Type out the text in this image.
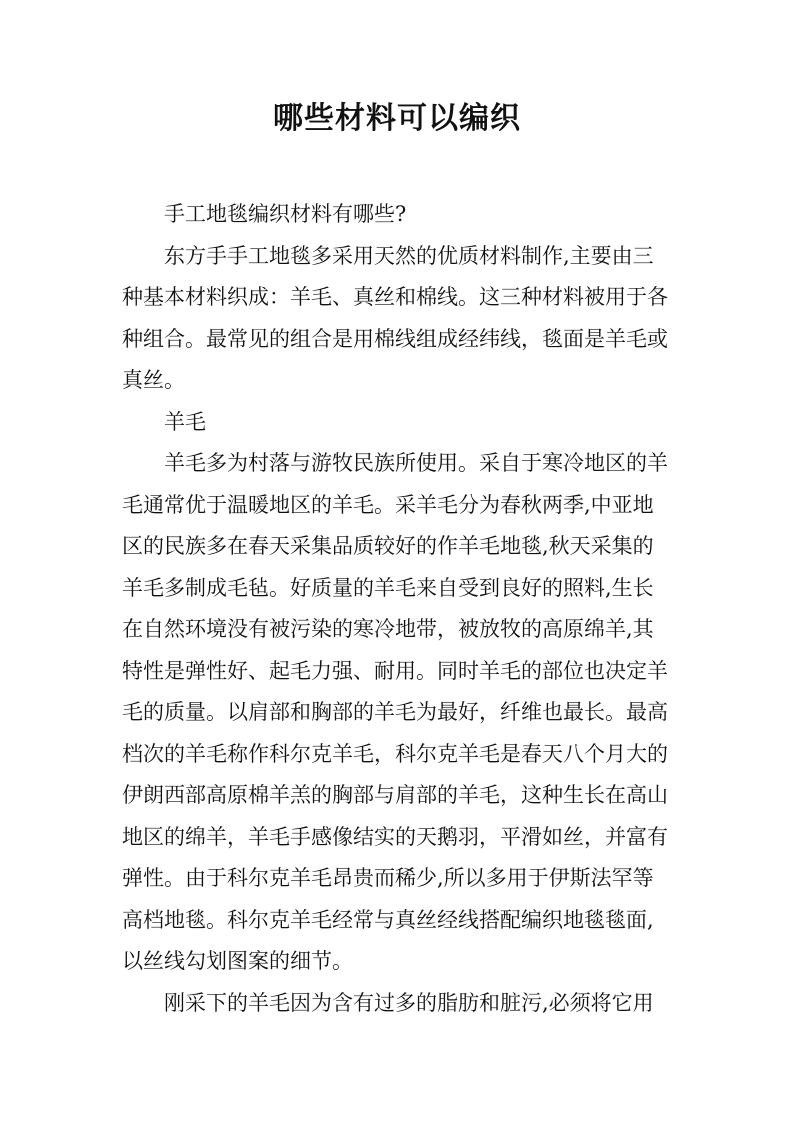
哪些材料可以编织

手工地毯编织材料有哪些?

东方手手工地毯多采用天然的优质材料制作,主要由三
种基本材料织成：羊毛、真丝和棉线。这三种材料被用于各
种组合。最常见的组合是用棉线组成经纬线，毯面是羊毛或
真丝。

羊毛

羊毛多为村落与游牧民族所使用。采自于寒冷地区的羊
毛通常优于温暖地区的羊毛。采羊毛分为春秋两季,中亚地
区的民族多在春天采集品质较好的作羊毛地毯,秋天采集的
羊毛多制成毛毡。好质量的羊毛来自受到良好的照料,生长
在自然环境没有被污染的寒冷地带，被放牧的高原绵羊,其
特性是弹性好、起毛力强、耐用。同时羊毛的部位也决定羊
毛的质量。以肩部和胸部的羊毛为最好，纤维也最长。最高
档次的羊毛称作科尔克羊毛，科尔克羊毛是春天八个月大的
伊朗西部高原棉羊羔的胸部与肩部的羊毛，这种生长在高山
地区的绵羊，羊毛手感像结实的天鹅羽，平滑如丝，并富有
弹性。由于科尔克羊毛昂贵而稀少,所以多用于伊斯法罕等
高档地毯。科尔克羊毛经常与真丝经线搭配编织地毯毯面,
以丝线勾划图案的细节。

刚采下的羊毛因为含有过多的脂肪和脏污,必须将它用
